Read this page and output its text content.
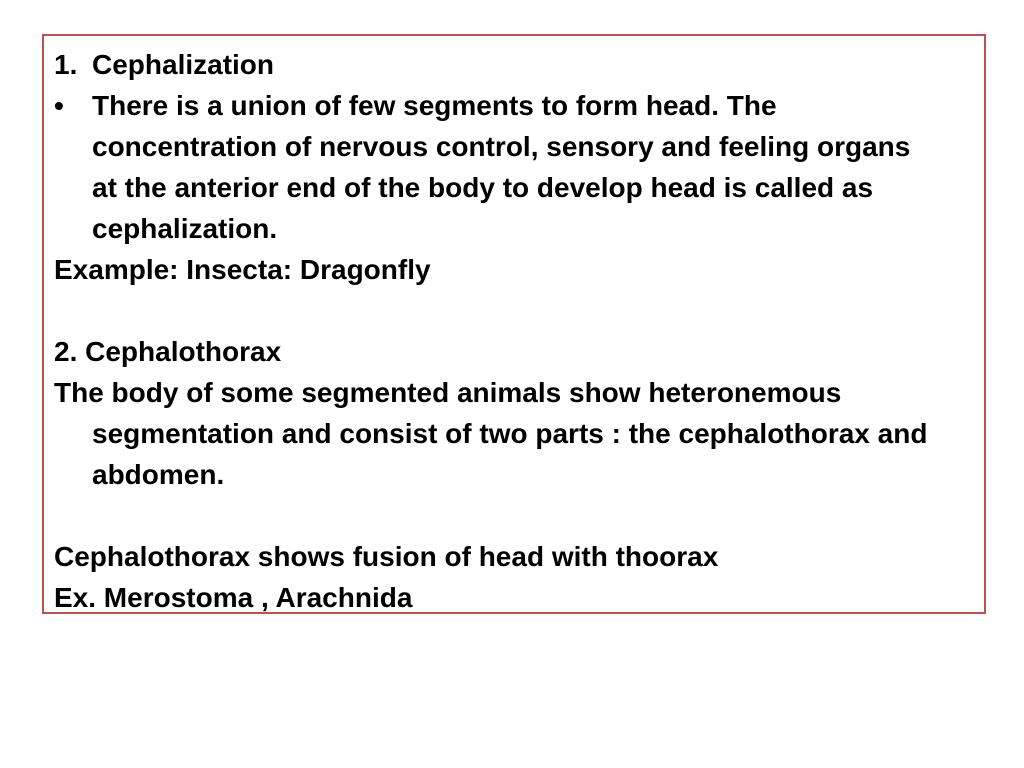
1. Cephalization
•	There is a union of few segments to form head. The
concentration of nervous control, sensory and feeling organs
at the anterior end of the body to develop head is called as
cephalization.
Example: Insecta: Dragonfly
2. Cephalothorax
The body of some segmented animals show heteronemous
segmentation and consist of two parts : the cephalothorax and
abdomen.
Cephalothorax shows fusion of head with thoorax
Ex. Merostoma , Arachnida
